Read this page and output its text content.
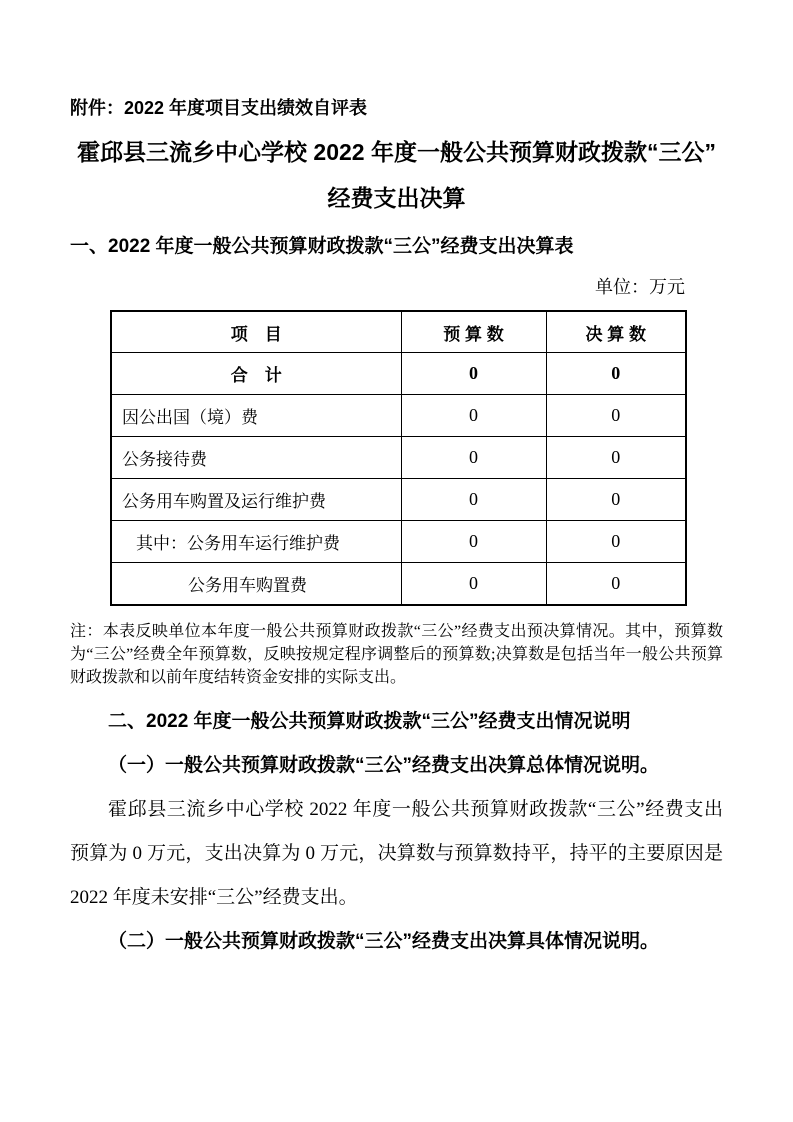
附件：2022 年度项目支出绩效自评表

霍邱县三流乡中心学校 2022 年度一般公共预算财政拨款“三公”
经费支出决算

一、2022 年度一般公共预算财政拨款“三公”经费支出决算表

单位：万元

项　目	预 算 数	决 算 数
合　计	0	0
因公出国（境）费	0	0
公务接待费	0	0
公务用车购置及运行维护费	0	0
其中：公务用车运行维护费	0	0
公务用车购置费	0	0

注：本表反映单位本年度一般公共预算财政拨款“三公”经费支出预决算情况。其中，预算数为“三公”经费全年预算数，反映按规定程序调整后的预算数;决算数是包括当年一般公共预算财政拨款和以前年度结转资金安排的实际支出。

二、2022 年度一般公共预算财政拨款“三公”经费支出情况说明

（一）一般公共预算财政拨款“三公”经费支出决算总体情况说明。

霍邱县三流乡中心学校 2022 年度一般公共预算财政拨款“三公”经费支出预算为 0 万元，支出决算为 0 万元，决算数与预算数持平，持平的主要原因是 2022 年度未安排“三公”经费支出。

（二）一般公共预算财政拨款“三公”经费支出决算具体情况说明。
